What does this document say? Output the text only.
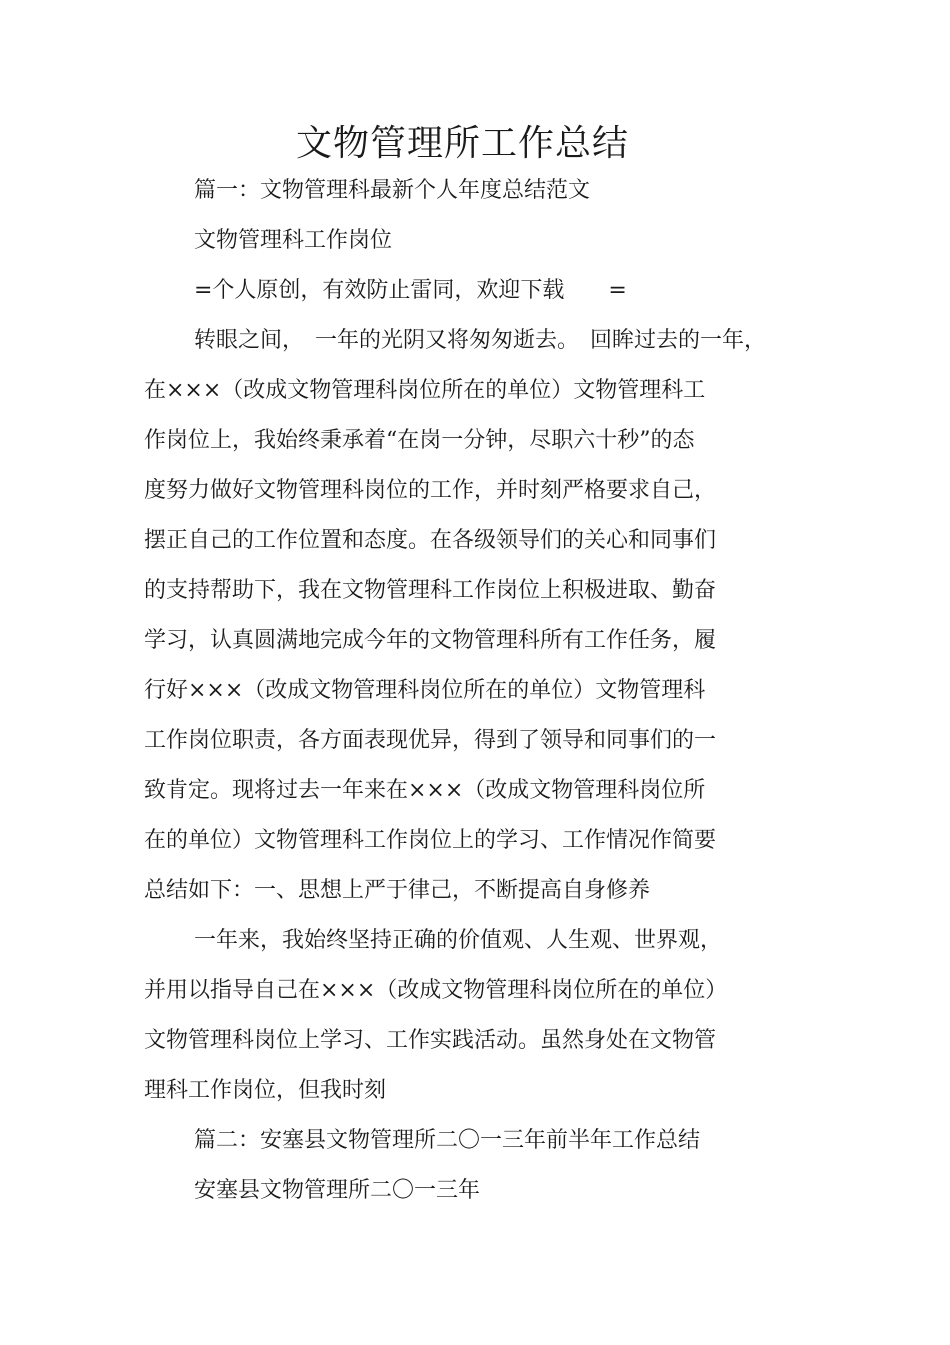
文物管理所工作总结
篇一：文物管理科最新个人年度总结范文
文物管理科工作岗位
=个人原创，有效防止雷同，欢迎下载　　=
转眼之间，　一年的光阴又将匆匆逝去。　回眸过去的一年，
在×××（改成文物管理科岗位所在的单位）文物管理科工
作岗位上，我始终秉承着“在岗一分钟，尽职六十秒”的态
度努力做好文物管理科岗位的工作，并时刻严格要求自己，
摆正自己的工作位置和态度。在各级领导们的关心和同事们
的支持帮助下，我在文物管理科工作岗位上积极进取、勤奋
学习，认真圆满地完成今年的文物管理科所有工作任务，履
行好×××（改成文物管理科岗位所在的单位）文物管理科
工作岗位职责，各方面表现优异，得到了领导和同事们的一
致肯定。现将过去一年来在×××（改成文物管理科岗位所
在的单位）文物管理科工作岗位上的学习、工作情况作简要
总结如下：一、思想上严于律己，不断提高自身修养
一年来，我始终坚持正确的价值观、人生观、世界观，
并用以指导自己在×××（改成文物管理科岗位所在的单位）
文物管理科岗位上学习、工作实践活动。虽然身处在文物管
理科工作岗位，但我时刻
篇二：安塞县文物管理所二〇一三年前半年工作总结
安塞县文物管理所二〇一三年
